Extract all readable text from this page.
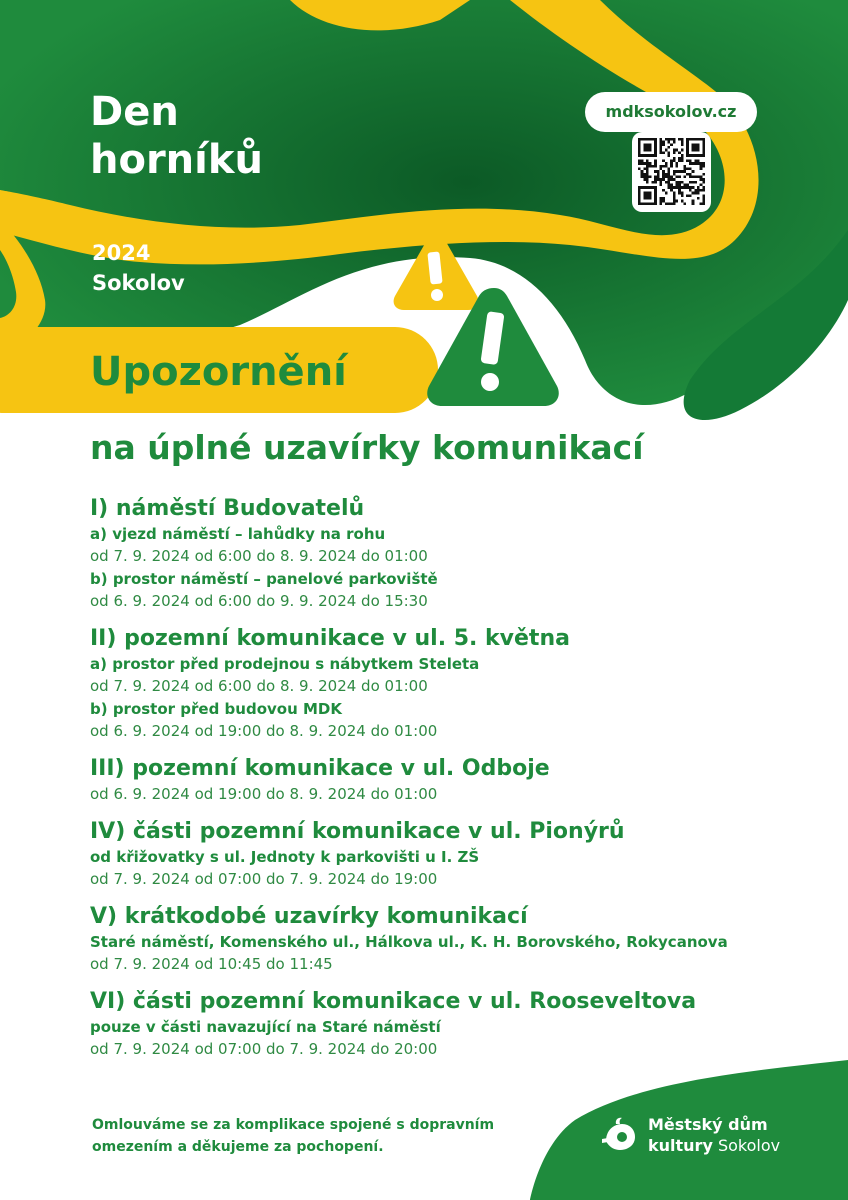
Den
horníků
2024
Sokolov
mdksokolov.cz
Upozornění
na úplné uzavírky komunikací
I) náměstí Budovatelů
a) vjezd náměstí – lahůdky na rohu
od 7. 9. 2024 od 6:00 do 8. 9. 2024 do 01:00
b) prostor náměstí – panelové parkoviště
od 6. 9. 2024 od 6:00 do 9. 9. 2024 do 15:30
II) pozemní komunikace v ul. 5. května
a) prostor před prodejnou s nábytkem Steleta
od 7. 9. 2024 od 6:00 do 8. 9. 2024 do 01:00
b) prostor před budovou MDK
od 6. 9. 2024 od 19:00 do 8. 9. 2024 do 01:00
III) pozemní komunikace v ul. Odboje
od 6. 9. 2024 od 19:00 do 8. 9. 2024 do 01:00
IV) části pozemní komunikace v ul. Pionýrů
od křižovatky s ul. Jednoty k parkovišti u I. ZŠ
od 7. 9. 2024 od 07:00 do 7. 9. 2024 do 19:00
V) krátkodobé uzavírky komunikací
Staré náměstí, Komenského ul., Hálkova ul., K. H. Borovského, Rokycanova
od 7. 9. 2024 od 10:45 do 11:45
VI) části pozemní komunikace v ul. Rooseveltova
pouze v části navazující na Staré náměstí
od 7. 9. 2024 od 07:00 do 7. 9. 2024 do 20:00
Omlouváme se za komplikace spojené s dopravním
omezením a děkujeme za pochopení.
Městský dům
kultury Sokolov
